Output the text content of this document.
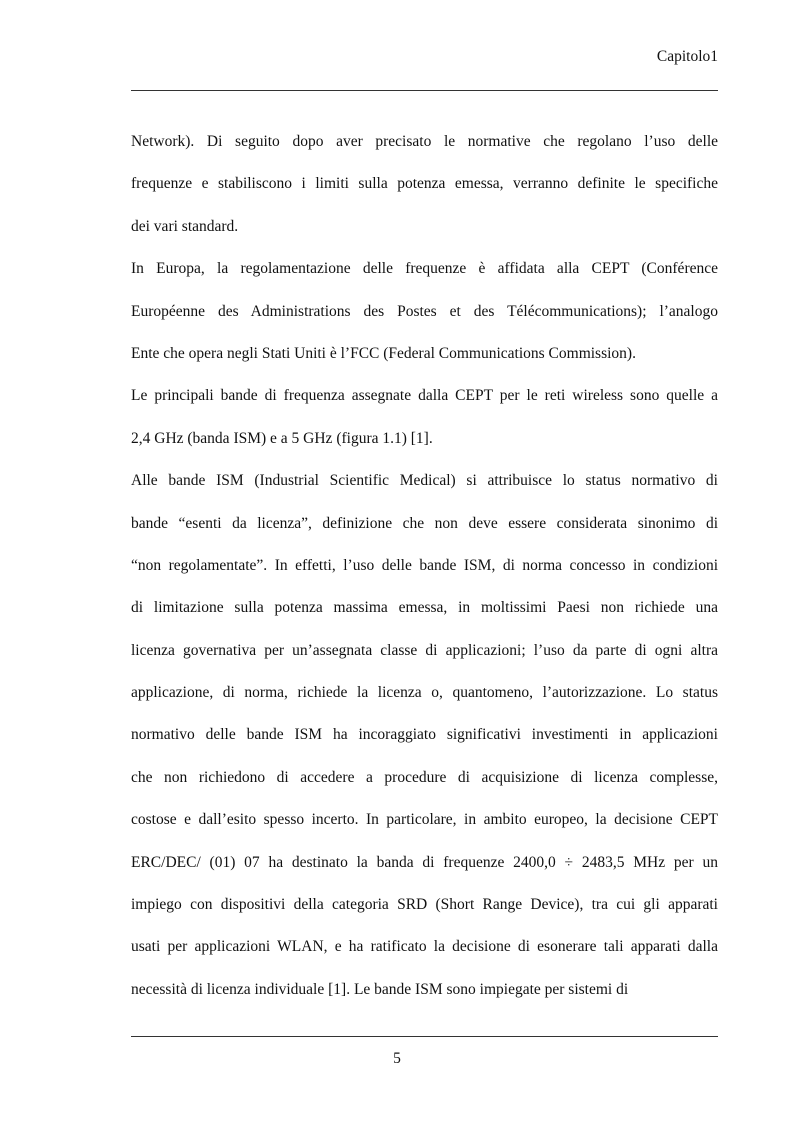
Capitolo1
Network). Di seguito dopo aver precisato le normative che regolano l’uso delle
frequenze e stabiliscono i limiti sulla potenza emessa, verranno definite le specifiche
dei vari standard.
In Europa, la regolamentazione delle frequenze è affidata alla CEPT (Conférence
Européenne des Administrations des Postes et des Télécommunications); l’analogo
Ente che opera negli Stati Uniti è l’FCC (Federal Communications Commission).
Le principali bande di frequenza assegnate dalla CEPT per le reti wireless sono quelle a
2,4 GHz (banda ISM) e a 5 GHz (figura 1.1) [1].
Alle bande ISM (Industrial Scientific Medical) si attribuisce lo status normativo di
bande “esenti da licenza”, definizione che non deve essere considerata sinonimo di
“non regolamentate”. In effetti, l’uso delle bande ISM, di norma concesso in condizioni
di limitazione sulla potenza massima emessa, in moltissimi Paesi non richiede una
licenza governativa per un’assegnata classe di applicazioni; l’uso da parte di ogni altra
applicazione, di norma, richiede la licenza o, quantomeno, l’autorizzazione. Lo status
normativo delle bande ISM ha incoraggiato significativi investimenti in applicazioni
che non richiedono di accedere a procedure di acquisizione di licenza complesse,
costose e dall’esito spesso incerto. In particolare, in ambito europeo, la decisione CEPT
ERC/DEC/ (01) 07 ha destinato la banda di frequenze 2400,0 ÷ 2483,5 MHz per un
impiego con dispositivi della categoria SRD (Short Range Device), tra cui gli apparati
usati per applicazioni WLAN, e ha ratificato la decisione di esonerare tali apparati dalla
necessità di licenza individuale [1]. Le bande ISM sono impiegate per sistemi di
5
